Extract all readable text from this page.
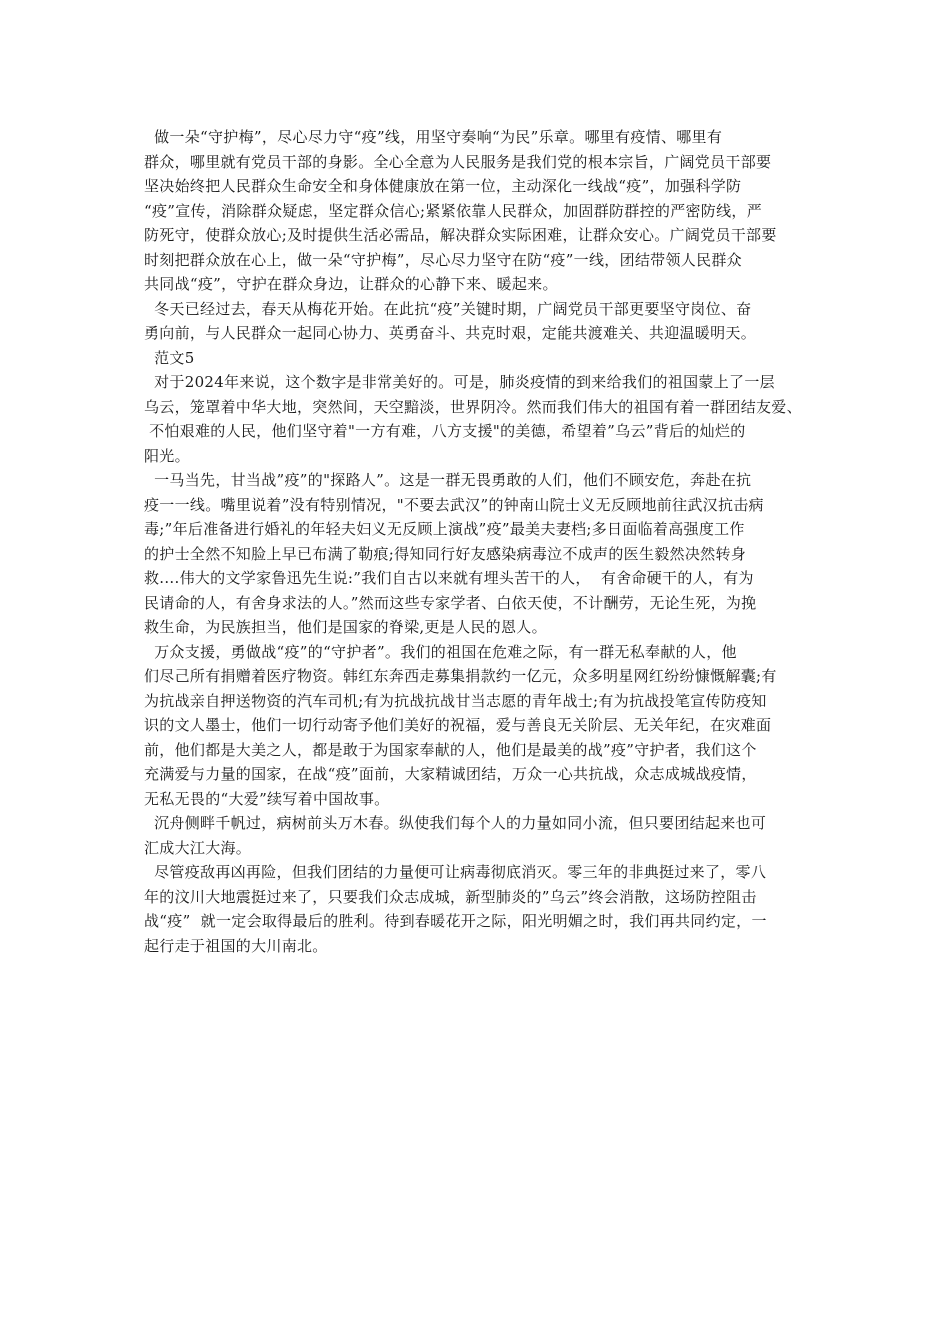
做一朵“守护梅”，尽心尽力守“疫”线，用坚守奏响“为民”乐章。哪里有疫情、哪里有
群众，哪里就有党员干部的身影。全心全意为人民服务是我们党的根本宗旨，广阔党员干部要
坚决始终把人民群众生命安全和身体健康放在第一位，主动深化一线战“疫”，加强科学防
“疫”宣传，消除群众疑虑，坚定群众信心;紧紧依靠人民群众，加固群防群控的严密防线，严
防死守，使群众放心;及时提供生活必需品，解决群众实际困难，让群众安心。广阔党员干部要
时刻把群众放在心上，做一朵“守护梅”，尽心尽力坚守在防“疫”一线，团结带领人民群众
共同战“疫”，守护在群众身边，让群众的心静下来、暖起来。
冬天已经过去，春天从梅花开始。在此抗“疫”关键时期，广阔党员干部更要坚守岗位、奋
勇向前，与人民群众一起同心协力、英勇奋斗、共克时艰，定能共渡难关、共迎温暖明天。
范文5
对于2024年来说，这个数字是非常美好的。可是，肺炎疫情的到来给我们的祖国蒙上了一层
乌云，笼罩着中华大地，突然间，天空黯淡，世界阴冷。然而我们伟大的祖国有着一群团结友爱、
不怕艰难的人民，他们坚守着"一方有难，八方支援"的美德，希望着”乌云”背后的灿烂的
阳光。
一马当先，甘当战”疫”的"探路人”。这是一群无畏勇敢的人们，他们不顾安危，奔赴在抗
疫一一线。嘴里说着”没有特别情况，"不要去武汉”的钟南山院士义无反顾地前往武汉抗击病
毒;”年后准备进行婚礼的年轻夫妇义无反顾上演战”疫”最美夫妻档;多日面临着高强度工作
的护士全然不知脸上早已布满了勒痕;得知同行好友感染病毒泣不成声的医生毅然决然转身
救....伟大的文学家鲁迅先生说:”我们自古以来就有埋头苦干的人，  有舍命硬干的人，有为
民请命的人，有舍身求法的人。”然而这些专家学者、白依天使，不计酬劳，无论生死，为挽
救生命，为民族担当，他们是国家的脊梁,更是人民的恩人。
万众支援，勇做战“疫”的“守护者”。我们的祖国在危难之际，有一群无私奉献的人，他
们尽己所有捐赠着医疗物资。韩红东奔西走募集捐款约一亿元，众多明星网红纷纷慷慨解囊;有
为抗战亲自押送物资的汽车司机;有为抗战抗战甘当志愿的青年战士;有为抗战投笔宣传防疫知
识的文人墨士，他们一切行动寄予他们美好的祝福，爱与善良无关阶层、无关年纪，在灾难面
前，他们都是大美之人，都是敢于为国家奉献的人，他们是最美的战”疫”守护者，我们这个
充满爱与力量的国家，在战“疫”面前，大家精诚团结，万众一心共抗战，众志成城战疫情，
无私无畏的“大爱”续写着中国故事。
沉舟侧畔千帆过，病树前头万木春。纵使我们每个人的力量如同小流，但只要团结起来也可
汇成大江大海。
尽管疫敌再凶再险，但我们团结的力量便可让病毒彻底消灭。零三年的非典挺过来了，零八
年的汶川大地震挺过来了，只要我们众志成城，新型肺炎的”乌云”终会消散，这场防控阻击
战“疫”  就一定会取得最后的胜利。待到春暖花开之际，阳光明媚之时，我们再共同约定，一
起行走于祖国的大川南北。
